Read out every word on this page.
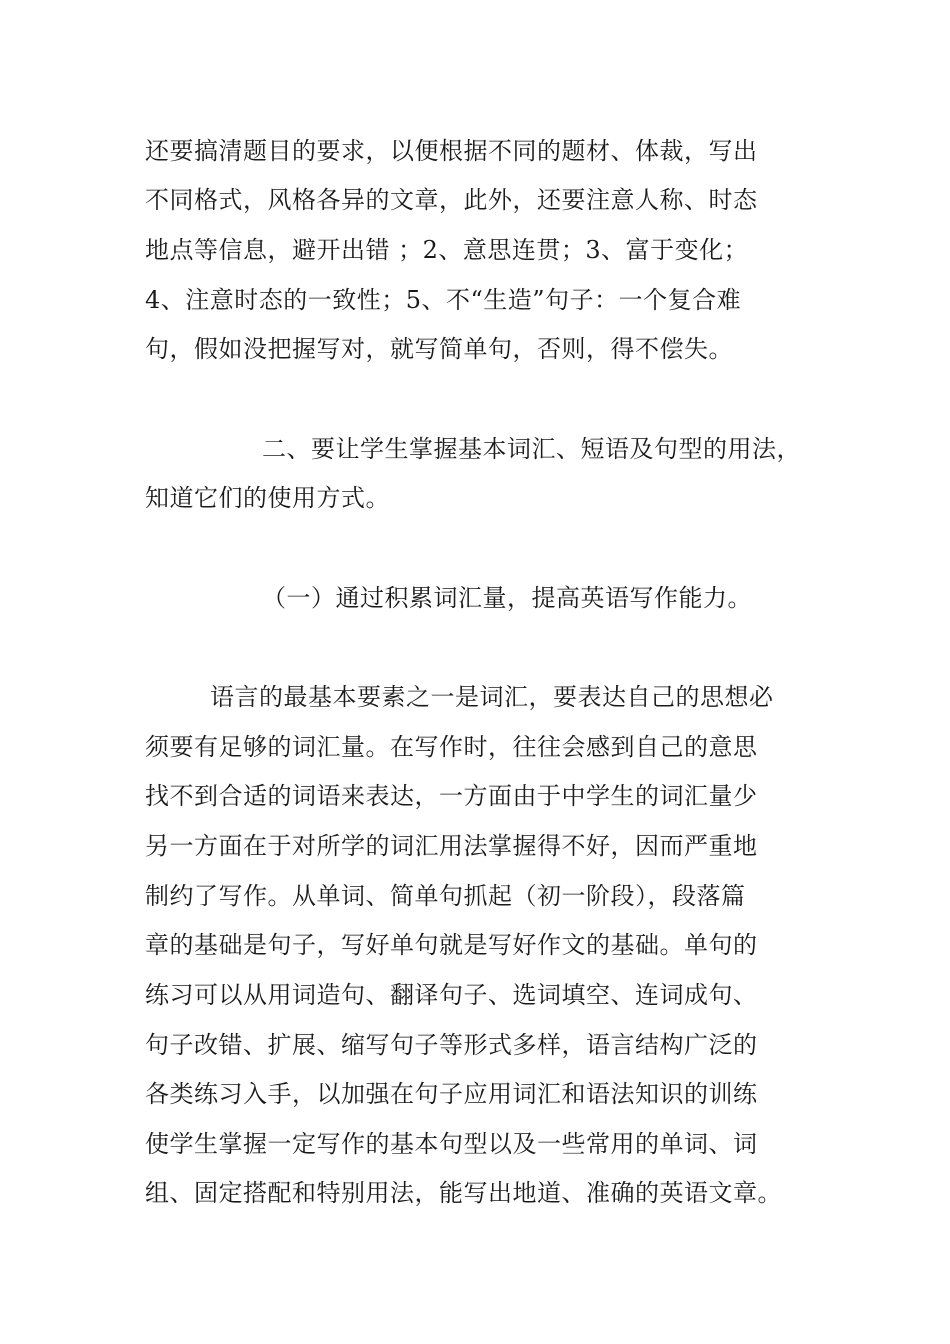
还要搞清题目的要求，以便根据不同的题材、体裁，写出
不同格式，风格各异的文章，此外，还要注意人称、时态
地点等信息，避开出错 ；2、意思连贯；3、富于变化；
4、注意时态的一致性；5、不“生造”句子：一个复合难
句，假如没把握写对，就写简单句，否则，得不偿失。
二、要让学生掌握基本词汇、短语及句型的用法，
知道它们的使用方式。
（一）通过积累词汇量，提高英语写作能力。
语言的最基本要素之一是词汇，要表达自己的思想必
须要有足够的词汇量。在写作时，往往会感到自己的意思
找不到合适的词语来表达，一方面由于中学生的词汇量少
另一方面在于对所学的词汇用法掌握得不好，因而严重地
制约了写作。从单词、简单句抓起（初一阶段），段落篇
章的基础是句子，写好单句就是写好作文的基础。单句的
练习可以从用词造句、翻译句子、选词填空、连词成句、
句子改错、扩展、缩写句子等形式多样，语言结构广泛的
各类练习入手，以加强在句子应用词汇和语法知识的训练
使学生掌握一定写作的基本句型以及一些常用的单词、词
组、固定搭配和特别用法，能写出地道、准确的英语文章。
